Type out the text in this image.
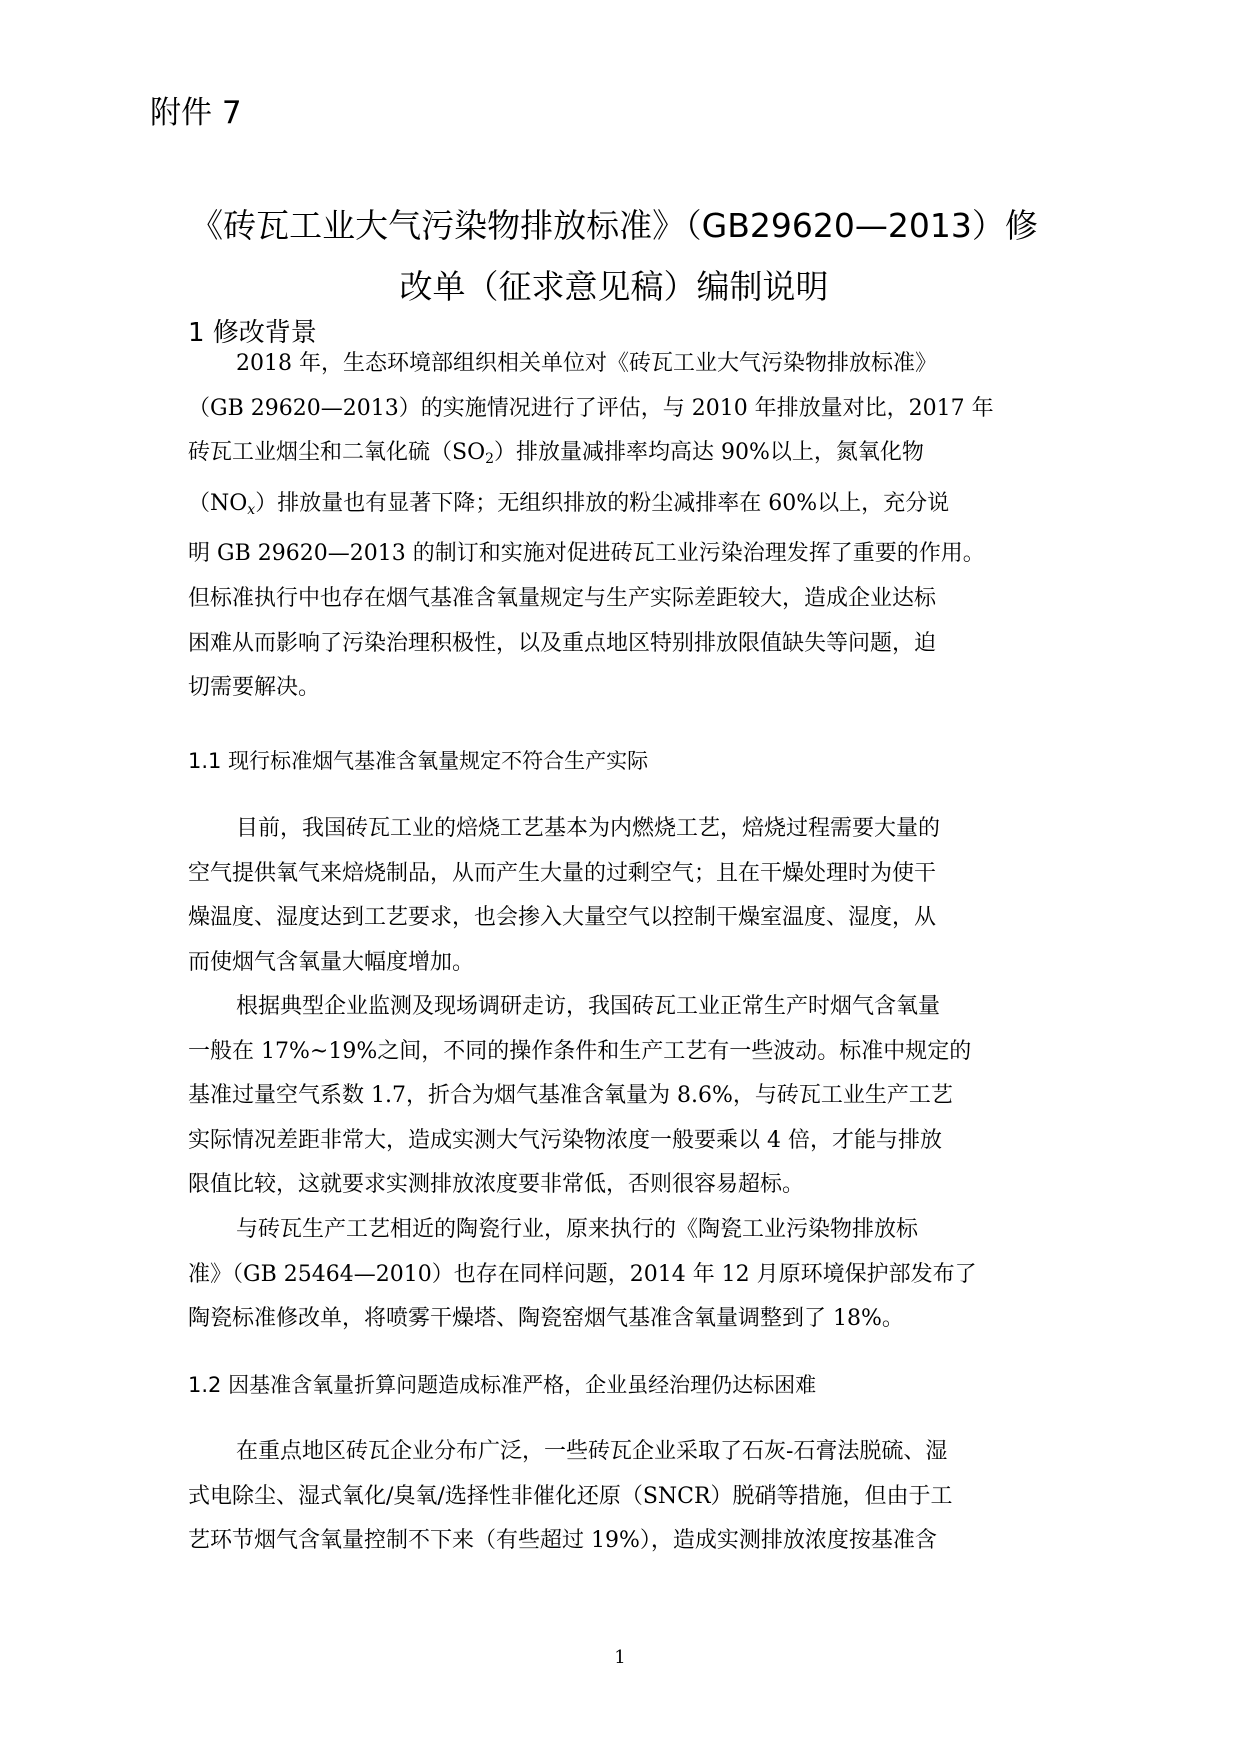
附件 7
《砖瓦工业大气污染物排放标准》（GB29620—2013）修
改单（征求意见稿）编制说明
1 修改背景
2018 年，生态环境部组织相关单位对《砖瓦工业大气污染物排放标准》
（GB 29620—2013）的实施情况进行了评估，与 2010 年排放量对比，2017 年
砖瓦工业烟尘和二氧化硫$(SO_2)$排放量减排率均高达 90%以上，氮氧化物
$(NO_x)$排放量也有显著下降；无组织排放的粉尘减排率在 60%以上，充分说
明 GB 29620—2013 的制订和实施对促进砖瓦工业污染治理发挥了重要的作用。
但标准执行中也存在烟气基准含氧量规定与生产实际差距较大，造成企业达标
困难从而影响了污染治理积极性，以及重点地区特别排放限值缺失等问题，迫
切需要解决。
1.1 现行标准烟气基准含氧量规定不符合生产实际
目前，我国砖瓦工业的焙烧工艺基本为内燃烧工艺，焙烧过程需要大量的
空气提供氧气来焙烧制品，从而产生大量的过剩空气；且在干燥处理时为使干
燥温度、湿度达到工艺要求，也会掺入大量空气以控制干燥室温度、湿度，从
而使烟气含氧量大幅度增加。
根据典型企业监测及现场调研走访，我国砖瓦工业正常生产时烟气含氧量
一般在 17%~19%之间，不同的操作条件和生产工艺有一些波动。标准中规定的
基准过量空气系数 1.7，折合为烟气基准含氧量为 8.6%，与砖瓦工业生产工艺
实际情况差距非常大，造成实测大气污染物浓度一般要乘以 4 倍，才能与排放
限值比较，这就要求实测排放浓度要非常低，否则很容易超标。
与砖瓦生产工艺相近的陶瓷行业，原来执行的《陶瓷工业污染物排放标
准》（GB 25464—2010）也存在同样问题，2014 年 12 月原环境保护部发布了
陶瓷标准修改单，将喷雾干燥塔、陶瓷窑烟气基准含氧量调整到了 18%。
1.2 因基准含氧量折算问题造成标准严格，企业虽经治理仍达标困难
在重点地区砖瓦企业分布广泛，一些砖瓦企业采取了石灰-石膏法脱硫、湿
式电除尘、湿式氧化/臭氧/选择性非催化还原（SNCR）脱硝等措施，但由于工
艺环节烟气含氧量控制不下来（有些超过 19%），造成实测排放浓度按基准含
1
